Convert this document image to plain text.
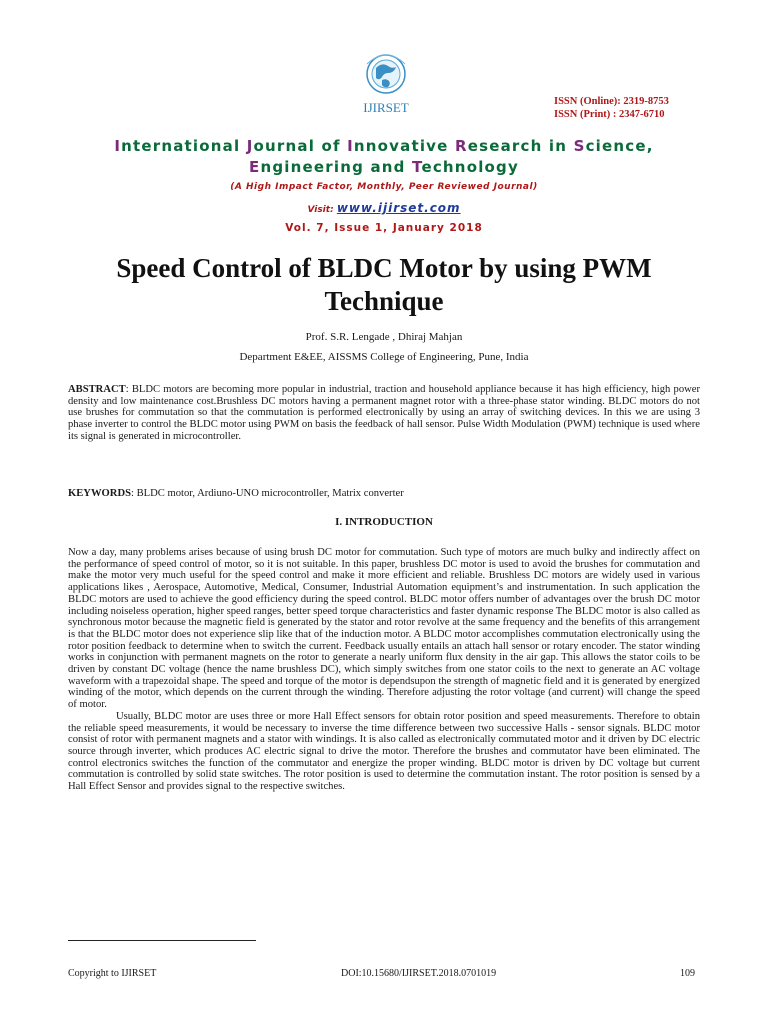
IJIRSET	ISSN (Online): 2319-8753
ISSN (Print) : 2347-6710
International Journal of Innovative Research in Science,
Engineering and Technology
(A High Impact Factor, Monthly, Peer Reviewed Journal)
Visit: www.ijirset.com
Vol. 7, Issue 1, January 2018
Speed Control of BLDC Motor by using PWM
Technique
Prof. S.R. Lengade , Dhiraj Mahjan
Department E&EE, AISSMS College of Engineering, Pune, India
ABSTRACT: BLDC motors are becoming more popular in industrial, traction and household appliance because it has high efficiency, high power density and low maintenance cost.Brushless DC motors having a permanent magnet rotor with a three-phase stator winding. BLDC motors do not use brushes for commutation so that the commutation is performed electronically by using an array of switching devices. In this we are using 3 phase inverter to control the BLDC motor using PWM on basis the feedback of hall sensor. Pulse Width Modulation (PWM) technique is used where its signal is generated in microcontroller.
KEYWORDS: BLDC motor, Ardiuno-UNO microcontroller, Matrix converter
I. INTRODUCTION

Now a day, many problems arises because of using brush DC motor for commutation. Such type of motors are much bulky and indirectly affect on the performance of speed control of motor, so it is not suitable. In this paper, brushless DC motor is used to avoid the brushes for commutation and make the motor very much useful for the speed control and make it more efficient and reliable. Brushless DC motors are widely used in various applications likes , Aerospace, Automotive, Medical, Consumer, Industrial Automation equipment’s and instrumentation. In such application the BLDC motors are used to achieve the good efficiency during the speed control. BLDC motor offers number of advantages over the brush DC motor including noiseless operation, higher speed ranges, better speed torque characteristics and faster dynamic response The BLDC motor is also called as synchronous motor because the magnetic field is generated by the stator and rotor revolve at the same frequency and the benefits of this arrangement is that the BLDC motor does not experience slip like that of the induction motor. A BLDC motor accomplishes commutation electronically using the rotor position feedback to determine when to switch the current. Feedback usually entails an attach hall sensor or rotary encoder. The stator winding works in conjunction with permanent magnets on the rotor to generate a nearly uniform flux density in the air gap. This allows the stator coils to be driven by constant DC voltage (hence the name brushless DC), which simply switches from one stator coils to the next to generate an AC voltage waveform with a trapezoidal shape. The speed and torque of the motor is dependsupon the strength of magnetic field and it is generated by energized winding of the motor, which depends on the current through the winding. Therefore adjusting the rotor voltage (and current) will change the speed of motor.

Usually, BLDC motor are uses three or more Hall Effect sensors for obtain rotor position and speed measurements. Therefore to obtain the reliable speed measurements, it would be necessary to inverse the time difference between two successive Halls - sensor signals. BLDC motor consist of rotor with permanent magnets and a stator with windings. It is also called as electronically commutated motor and it driven by DC electric source through inverter, which produces AC electric signal to drive the motor. Therefore the brushes and commutator have been eliminated. The control electronics switches the function of the commutator and energize the proper winding. BLDC motor is driven by DC voltage but current commutation is controlled by solid state switches. The rotor position is used to determine the commutation instant. The rotor position is sensed by a Hall Effect Sensor and provides signal to the respective switches.

Copyright to IJIRSET	DOI:10.15680/IJIRSET.2018.0701019	109
